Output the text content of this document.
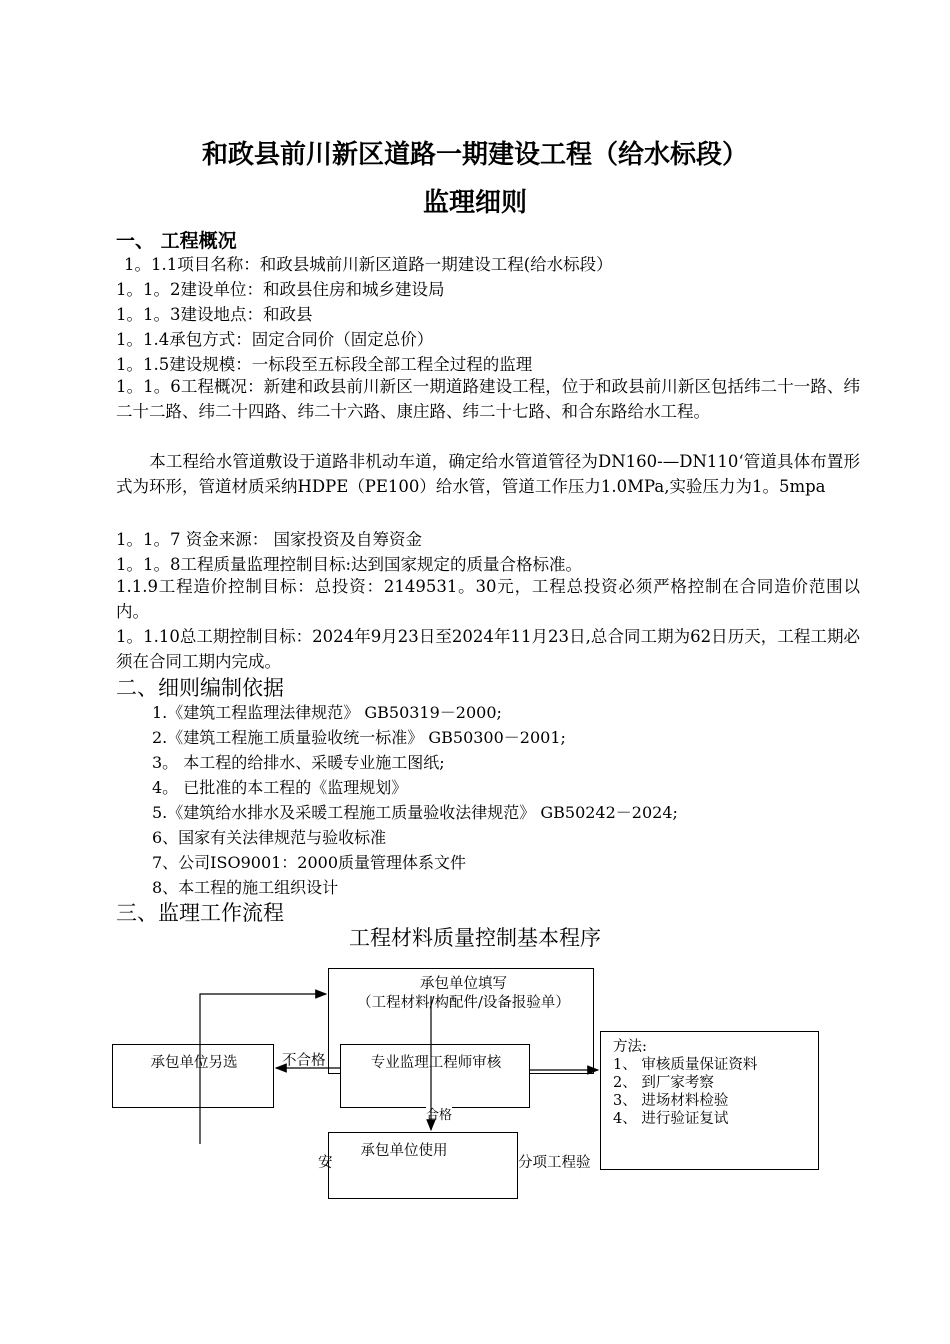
和政县前川新区道路一期建设工程（给水标段）
监理细则
一、 工程概况
1。1.1项目名称：和政县城前川新区道路一期建设工程(给水标段）
1。1。2建设单位：和政县住房和城乡建设局
1。1。3建设地点：和政县
1。1.4承包方式：固定合同价（固定总价）
1。1.5建设规模：一标段至五标段全部工程全过程的监理
1。1。6工程概况：新建和政县前川新区一期道路建设工程，位于和政县前川新区包括纬二十一路、纬二十二路、纬二十四路、纬二十六路、康庄路、纬二十七路、和合东路给水工程。
　　本工程给水管道敷设于道路非机动车道，确定给水管道管径为DN160-—DN110‘管道具体布置形式为环形，管道材质采纳HDPE（PE100）给水管，管道工作压力1.0MPa,实验压力为1。5mpa
1。1。7 资金来源： 国家投资及自筹资金
1。1。8工程质量监理控制目标:达到国家规定的质量合格标准。
1.1.9工程造价控制目标：总投资：2149531。30元，工程总投资必须严格控制在合同造价范围以内。
1。1.10总工期控制目标：2024年9月23日至2024年11月23日,总合同工期为62日历天，工程工期必须在合同工期内完成。
二、细则编制依据
1.《建筑工程监理法律规范》 GB50319－2000;
2.《建筑工程施工质量验收统一标准》 GB50300－2001;
3。 本工程的给排水、采暖专业施工图纸;
4。 已批准的本工程的《监理规划》
5.《建筑给水排水及采暖工程施工质量验收法律规范》 GB50242－2024;
6、国家有关法律规范与验收标准
7、公司ISO9001：2000质量管理体系文件
8、本工程的施工组织设计
三、监理工作流程
工程材料质量控制基本程序
承包单位填写
（工程材料/构配件/设备报验单）
承包单位另选	专业监理工程师审核
承包单位使用
方法:
1、 审核质量保证资料
2、 到厂家考察
3、 进场材料检验
4、 进行验证复试
不合格
合格
安	分项工程验
